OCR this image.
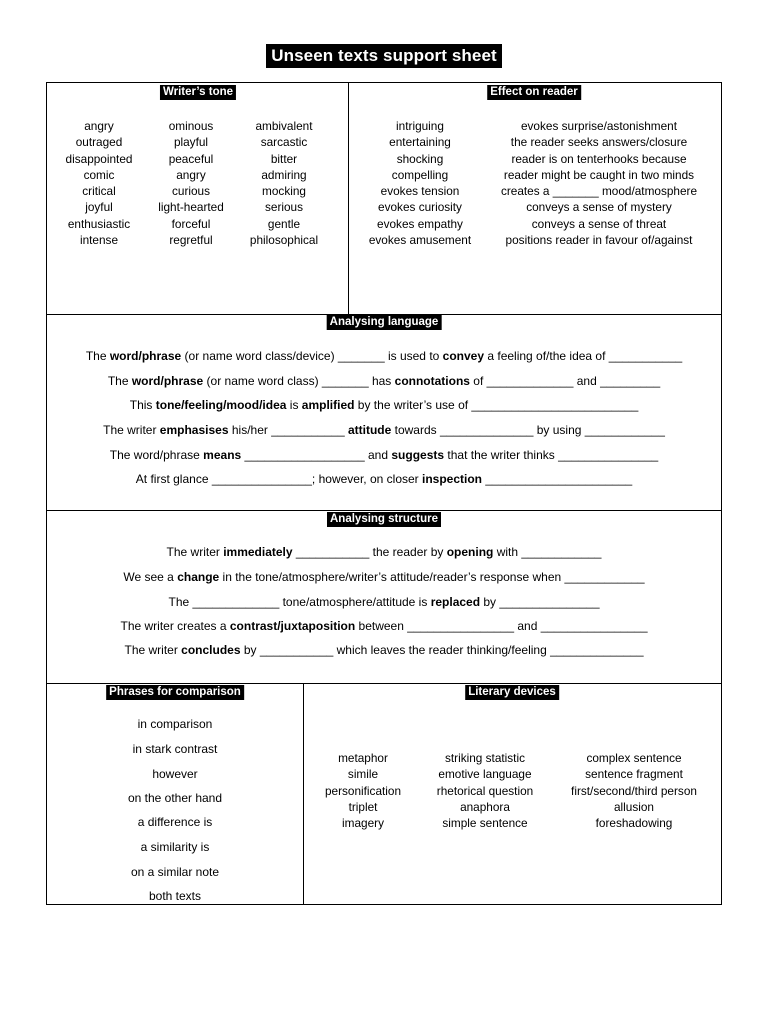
Unseen texts support sheet
Writer’s tone
angry
outraged
disappointed
comic
critical
joyful
enthusiastic
intense
ominous
playful
peaceful
angry
curious
light-hearted
forceful
regretful
ambivalent
sarcastic
bitter
admiring
mocking
serious
gentle
philosophical
Effect on reader
intriguing
entertaining
shocking
compelling
evokes tension
evokes curiosity
evokes empathy
evokes amusement
evokes surprise/astonishment
the reader seeks answers/closure
reader is on tenterhooks because
reader might be caught in two minds
creates a _______ mood/atmosphere
conveys a sense of mystery
conveys a sense of threat
positions reader in favour of/against
Analysing language
The word/phrase (or name word class/device) _______ is used to convey a feeling of/the idea of ___________
The word/phrase (or name word class) _______ has connotations of _____________ and _________
This tone/feeling/mood/idea is amplified by the writer’s use of _________________________
The writer emphasises his/her ___________ attitude towards ______________ by using ____________
The word/phrase means __________________ and suggests that the writer thinks _______________
At first glance _______________; however, on closer inspection ______________________
Analysing structure
The writer immediately ___________ the reader by opening with ____________
We see a change in the tone/atmosphere/writer’s attitude/reader’s response when ____________
The _____________ tone/atmosphere/attitude is replaced by _______________
The writer creates a contrast/juxtaposition between ________________ and ________________
The writer concludes by ___________ which leaves the reader thinking/feeling ______________
Phrases for comparison
in comparison
in stark contrast
however
on the other hand
a difference is
a similarity is
on a similar note
both texts
Literary devices
metaphor
simile
personification
triplet
imagery
striking statistic
emotive language
rhetorical question
anaphora
simple sentence
complex sentence
sentence fragment
first/second/third person
allusion
foreshadowing
